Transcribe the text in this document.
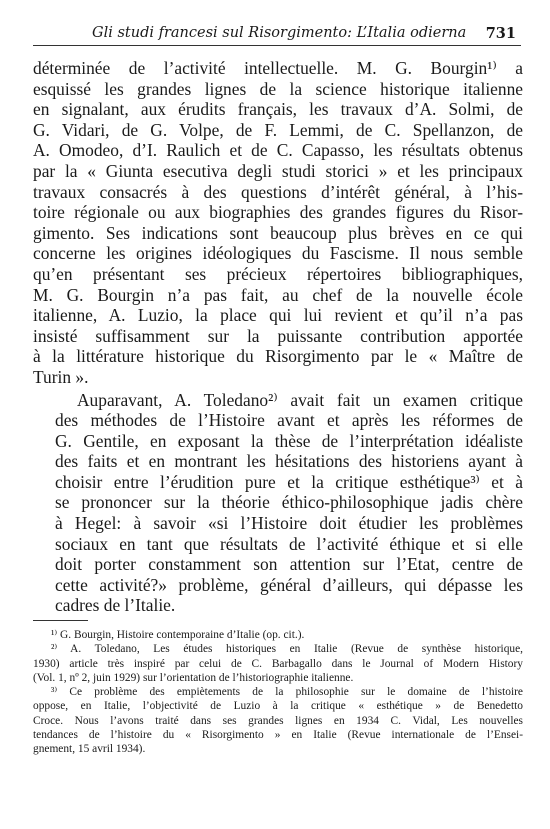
Gli studi francesi sul Risorgimento: L’Italia odierna 731

déterminée de l’activité intellectuelle. M. G. Bourgin¹⁾ a
esquissé les grandes lignes de la science historique italienne
en signalant, aux érudits français, les travaux d’A. Solmi, de
G. Vidari, de G. Volpe, de F. Lemmi, de C. Spellanzon, de
A. Omodeo, d’I. Raulich et de C. Capasso, les résultats obtenus
par la « Giunta esecutiva degli studi storici » et les principaux
travaux consacrés à des questions d’intérêt général, à l’his-
toire régionale ou aux biographies des grandes figures du Risor-
gimento. Ses indications sont beaucoup plus brèves en ce qui
concerne les origines idéologiques du Fascisme. Il nous semble
qu’en présentant ses précieux répertoires bibliographiques,
M. G. Bourgin n’a pas fait, au chef de la nouvelle école
italienne, A. Luzio, la place qui lui revient et qu’il n’a pas
insisté suffisamment sur la puissante contribution apportée
à la littérature historique du Risorgimento par le « Maître de
Turin ».

Auparavant, A. Toledano²⁾ avait fait un examen critique
des méthodes de l’Histoire avant et après les réformes de
G. Gentile, en exposant la thèse de l’interprétation idéaliste
des faits et en montrant les hésitations des historiens ayant à
choisir entre l’érudition pure et la critique esthétique³⁾ et à
se prononcer sur la théorie éthico-philosophique jadis chère
à Hegel: à savoir «si l’Histoire doit étudier les problèmes
sociaux en tant que résultats de l’activité éthique et si elle
doit porter constamment son attention sur l’Etat, centre de
cette activité?» problème, général d’ailleurs, qui dépasse les
cadres de l’Italie.

¹⁾ G. Bourgin, Histoire contemporaine d’Italie (op. cit.).
²⁾ A. Toledano, Les études historiques en Italie (Revue de synthèse historique,
1930) article très inspiré par celui de C. Barbagallo dans le Journal of Modern History
(Vol. 1, nº 2, juin 1929) sur l’orientation de l’historiographie italienne.
³⁾ Ce problème des empiètements de la philosophie sur le domaine de l’histoire
oppose, en Italie, l’objectivité de Luzio à la critique « esthétique » de Benedetto
Croce. Nous l’avons traité dans ses grandes lignes en 1934 C. Vidal, Les nouvelles
tendances de l’histoire du « Risorgimento » en Italie (Revue internationale de l’Ensei-
gnement, 15 avril 1934).
